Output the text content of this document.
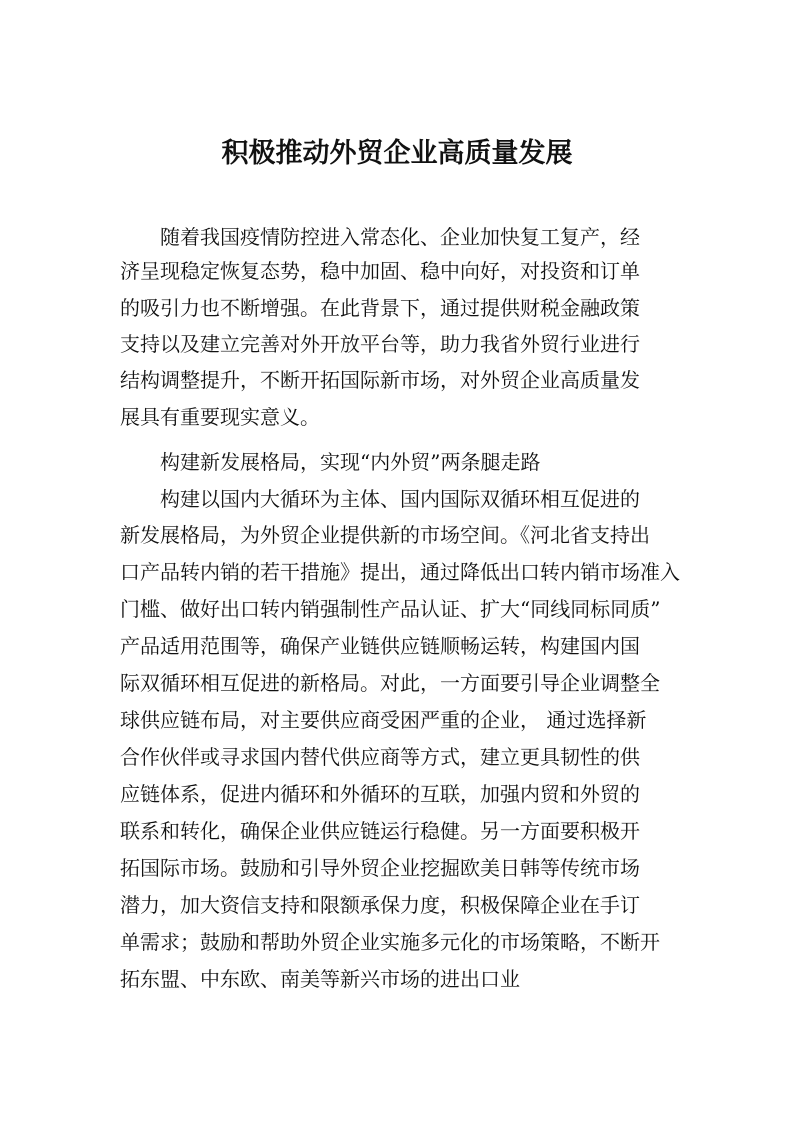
积极推动外贸企业高质量发展

随着我国疫情防控进入常态化、企业加快复工复产，经

济呈现稳定恢复态势，稳中加固、稳中向好，对投资和订单

的吸引力也不断增强。在此背景下，通过提供财税金融政策

支持以及建立完善对外开放平台等，助力我省外贸行业进行

结构调整提升，不断开拓国际新市场，对外贸企业高质量发

展具有重要现实意义。

构建新发展格局，实现“内外贸”两条腿走路

构建以国内大循环为主体、国内国际双循环相互促进的

新发展格局，为外贸企业提供新的市场空间。《河北省支持出

口产品转内销的若干措施》提出，通过降低出口转内销市场准入

门槛、做好出口转内销强制性产品认证、扩大“同线同标同质”

产品适用范围等，确保产业链供应链顺畅运转，构建国内国

际双循环相互促进的新格局。对此，一方面要引导企业调整全

球供应链布局，对主要供应商受困严重的企业， 通过选择新

合作伙伴或寻求国内替代供应商等方式，建立更具韧性的供

应链体系，促进内循环和外循环的互联，加强内贸和外贸的

联系和转化，确保企业供应链运行稳健。另一方面要积极开

拓国际市场。鼓励和引导外贸企业挖掘欧美日韩等传统市场

潜力，加大资信支持和限额承保力度，积极保障企业在手订

单需求；鼓励和帮助外贸企业实施多元化的市场策略，不断开

拓东盟、中东欧、南美等新兴市场的进出口业
